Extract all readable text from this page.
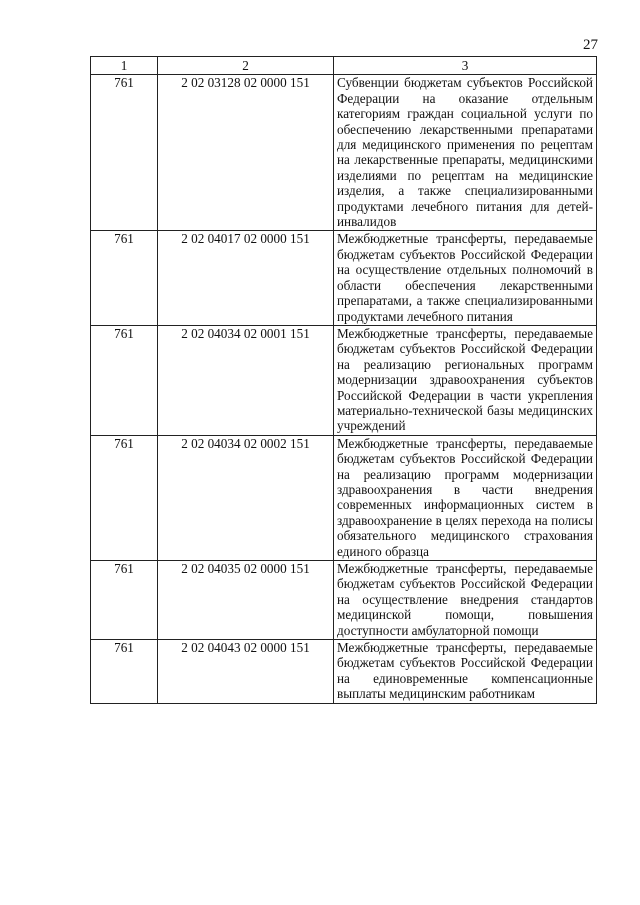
27
1	2	3
761	2 02 03128 02 0000 151	Субвенции бюджетам субъектов Российской Федерации на оказание отдельным категориям граждан социальной услуги по обеспечению лекарственными препаратами для медицинского применения по рецептам на лекарственные препараты, медицинскими изделиями по рецептам на медицинские изделия, а также специализированными продуктами лечебного питания для детей-инвалидов
761	2 02 04017 02 0000 151	Межбюджетные трансферты, передаваемые бюджетам субъектов Российской Федерации на осуществление отдельных полномочий в области обеспечения лекарственными препаратами, а также специализированными продуктами лечебного питания
761	2 02 04034 02 0001 151	Межбюджетные трансферты, передаваемые бюджетам субъектов Российской Федерации на реализацию региональных программ модернизации здравоохранения субъектов Российской Федерации в части укрепления материально-технической базы медицинских учреждений
761	2 02 04034 02 0002 151	Межбюджетные трансферты, передаваемые бюджетам субъектов Российской Федерации на реализацию программ модернизации здравоохранения в части внедрения современных информационных систем в здравоохранение в целях перехода на полисы обязательного медицинского страхования единого образца
761	2 02 04035 02 0000 151	Межбюджетные трансферты, передаваемые бюджетам субъектов Российской Федерации на осуществление внедрения стандартов медицинской помощи, повышения доступности амбулаторной помощи
761	2 02 04043 02 0000 151	Межбюджетные трансферты, передаваемые бюджетам субъектов Российской Федерации на единовременные компенсационные выплаты медицинским работникам
